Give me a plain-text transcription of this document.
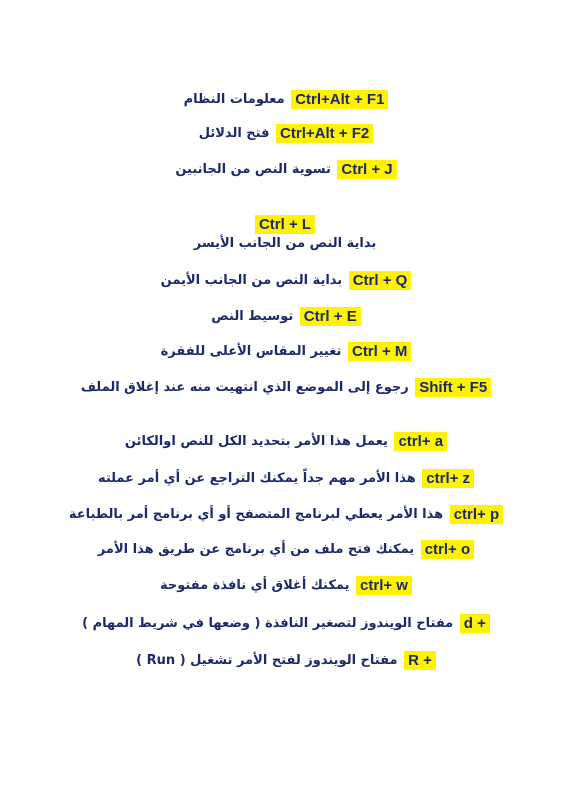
Ctrl+Alt + F1 معلومات النظام
Ctrl+Alt + F2 فتح الدلائل
Ctrl + J تسوية النص من الجانبين
Ctrl + L
بداية النص من الجانب الأيسر
Ctrl + Q بداية النص من الجانب الأيمن
Ctrl + E توسيط النص
Ctrl + M تغيير المقاس الأعلى للفقرة
Shift + F5 رجوع إلى الموضع الذي انتهيت منه عند إغلاق الملف
ctrl+ a يعمل هذا الأمر بتحديد الكل للنص اوالكائن
ctrl+ z هذا الأمر مهم جداً يمكنك التراجع عن أي أمر عملته
ctrl+ p هذا الأمر يعطي لبرنامج المتصفح أو أي برنامج أمر بالطباعة
ctrl+ o يمكنك فتح ملف من أي برنامج عن طريق هذا الأمر
ctrl+ w يمكنك أغلاق أي نافذة مفتوحة
d + مفتاح الويندوز لتصغير النافذة ( وضعها في شريط المهام )
R + مفتاح الويندوز لفتح الأمر تشغيل ( Run )
